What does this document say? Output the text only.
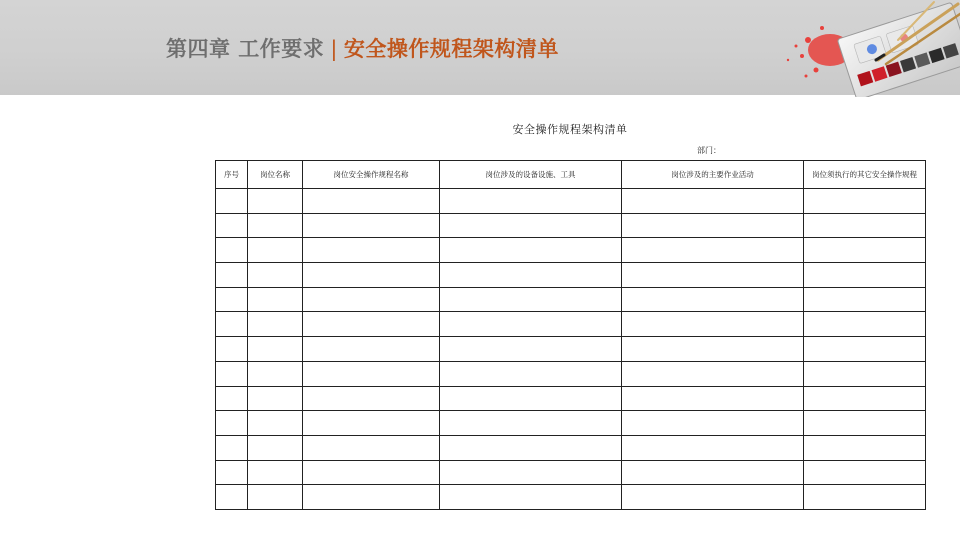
第四章 工作要求 | 安全操作规程架构清单
安全操作规程架构清单
部门：
序号	岗位名称	岗位安全操作规程名称	岗位涉及的设备设施、工具	岗位涉及的主要作业活动	岗位须执行的其它安全操作规程
